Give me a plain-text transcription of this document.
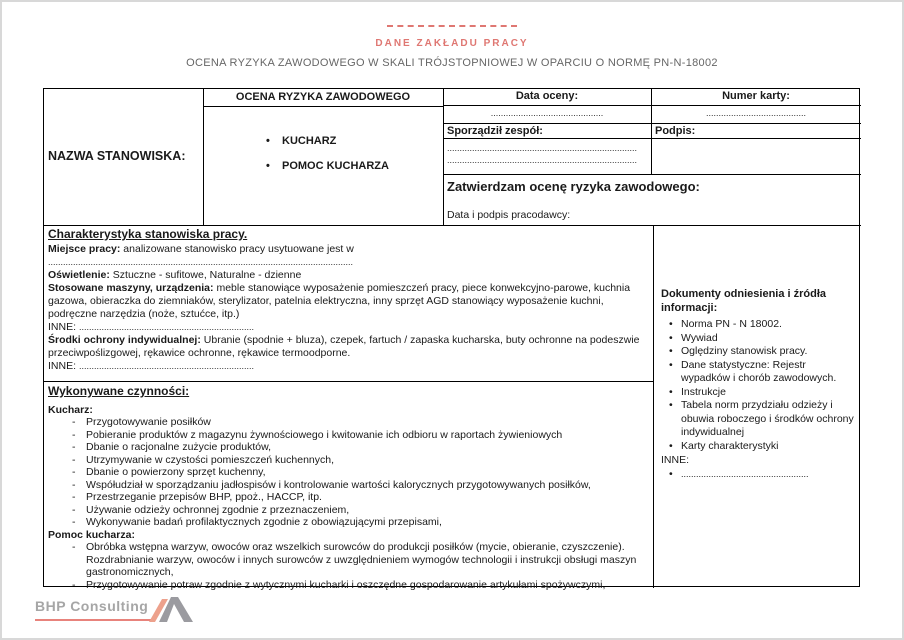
DANE ZAKŁADU PRACY
OCENA RYZYKA ZAWODOWEGO W SKALI TRÓJSTOPNIOWEJ W OPARCIU O NORMĘ PN-N-18002
NAZWA STANOWISKA:
OCENA RYZYKA ZAWODOWEGO
• KUCHARZ
• POMOC KUCHARZA
Data oceny:	Numer karty:
.............................................	........................................
Sporządził zespół:	Podpis:
............................................................................
............................................................................
Zatwierdzam ocenę ryzyka zawodowego:
Data i podpis pracodawcy:
Charakterystyka stanowiska pracy.
Miejsce pracy: analizowane stanowisko pracy usytuowane jest w
..........................................................................................................................
Oświetlenie: Sztuczne - sufitowe, Naturalne - dzienne
Stosowane maszyny, urządzenia: meble stanowiące wyposażenie pomieszczeń pracy, piece konwekcyjno-parowe, kuchnia gazowa, obieraczka do ziemniaków, sterylizator, patelnia elektryczna, inny sprzęt AGD stanowiący wyposażenie kuchni, podręczne narzędzia (noże, sztućce, itp.)
INNE: ......................................................................
Środki ochrony indywidualnej: Ubranie (spodnie + bluza), czepek, fartuch / zapaska kucharska, buty ochronne na podeszwie przeciwpoślizgowej, rękawice ochronne, rękawice termoodporne.
INNE: ......................................................................
Wykonywane czynności:
Kucharz:
-	Przygotowywanie posiłków
-	Pobieranie produktów z magazynu żywnościowego i kwitowanie ich odbioru w raportach żywieniowych
-	Dbanie o racjonalne zużycie produktów,
-	Utrzymywanie w czystości pomieszczeń kuchennych,
-	Dbanie o powierzony sprzęt kuchenny,
-	Współudział w sporządzaniu jadłospisów i kontrolowanie wartości kalorycznych przygotowywanych posiłków,
-	Przestrzeganie przepisów BHP, ppoż., HACCP, itp.
-	Używanie odzieży ochronnej zgodnie z przeznaczeniem,
-	Wykonywanie badań profilaktycznych zgodnie z obowiązującymi przepisami,
Pomoc kucharza:
-	Obróbka wstępna warzyw, owoców oraz wszelkich surowców do produkcji posiłków (mycie, obieranie, czyszczenie). Rozdrabnianie warzyw, owoców i innych surowców z uwzględnieniem wymogów technologii i instrukcji obsługi maszyn gastronomicznych,
-	Przygotowywanie potraw zgodnie z wytycznymi kucharki i oszczędne gospodarowanie artykułami spożywczymi,
Dokumenty odniesienia i źródła informacji:
• Norma PN - N 18002.
• Wywiad
• Oględziny stanowisk pracy.
• Dane statystyczne: Rejestr wypadków i chorób zawodowych.
• Instrukcje
• Tabela norm przydziału odzieży i obuwia roboczego i środków ochrony indywidualnej
• Karty charakterystyki
INNE:
• ...................................................
BHP Consulting
